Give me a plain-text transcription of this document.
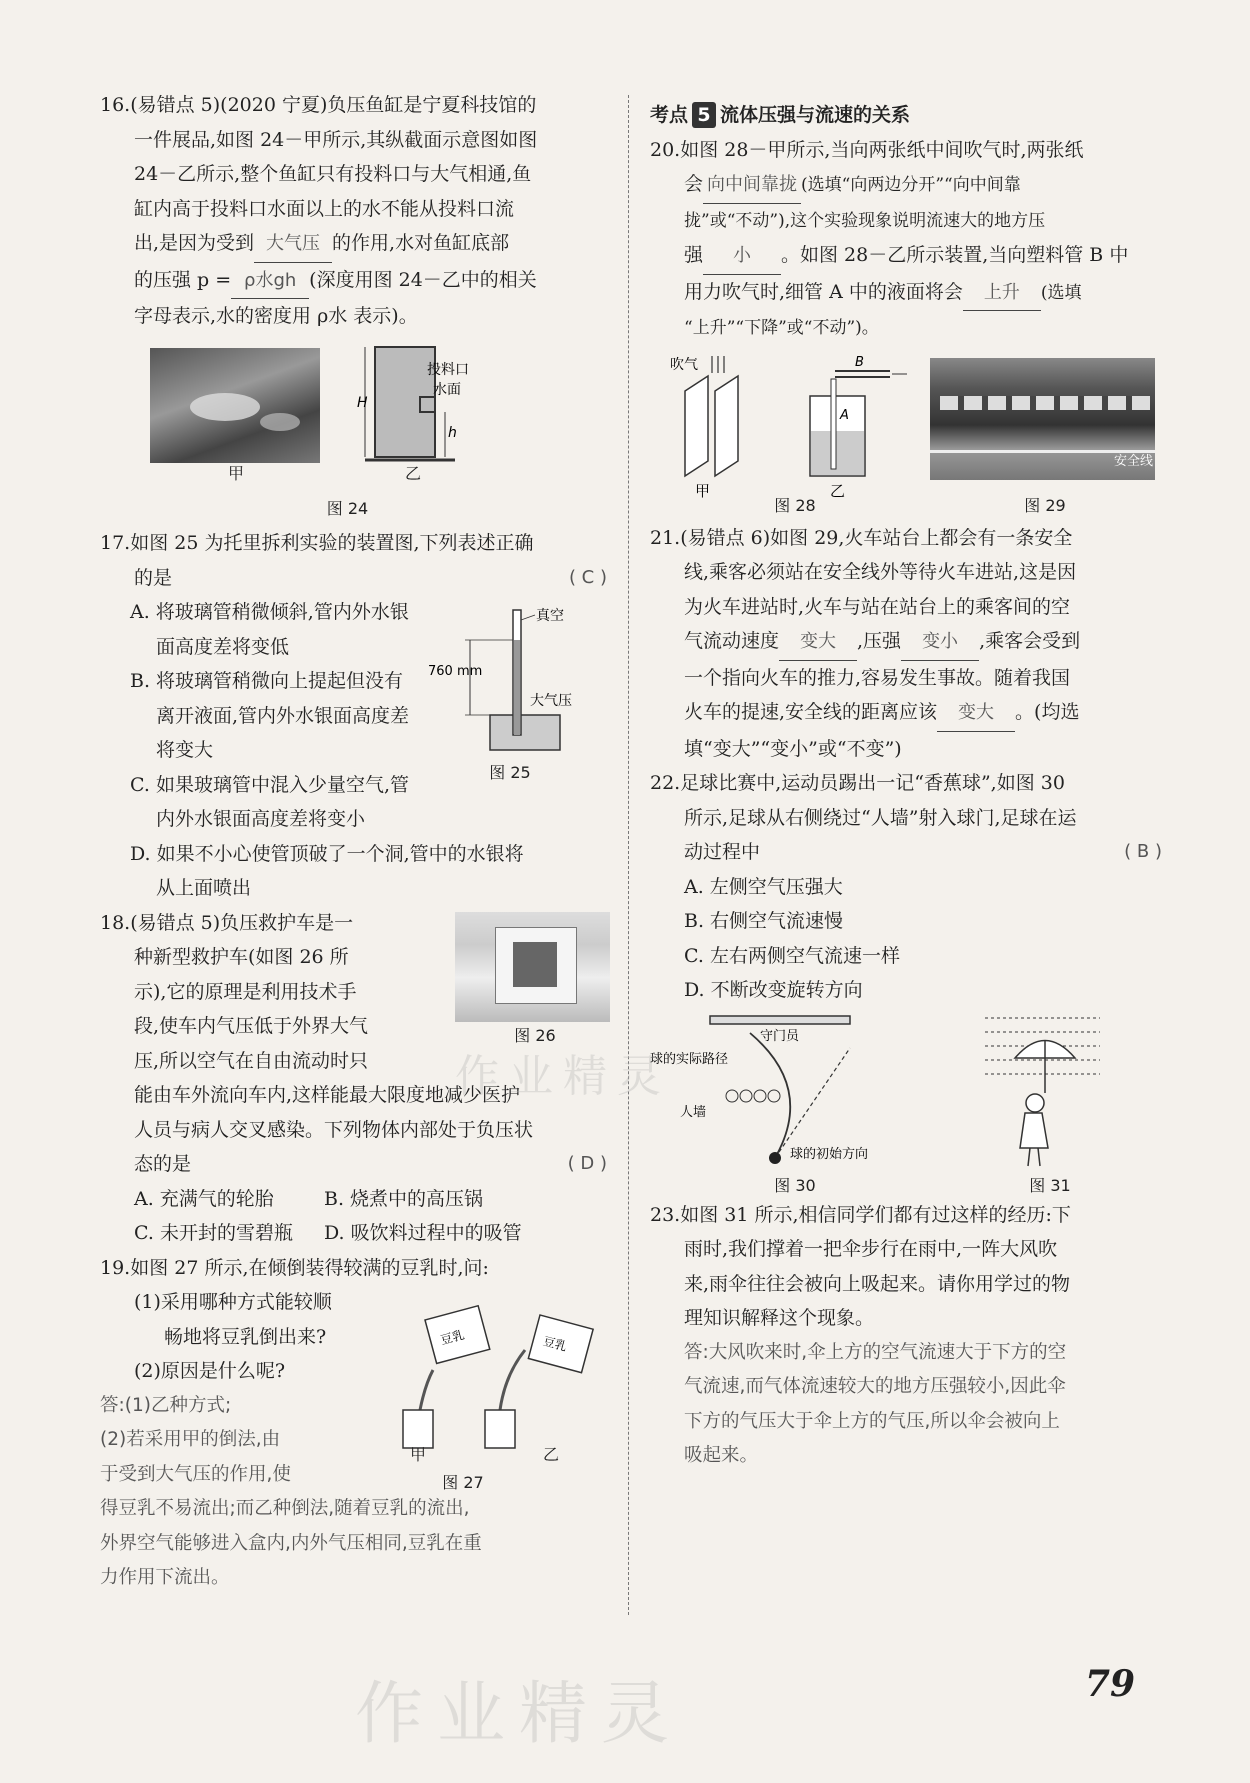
16.(易错点 5)(2020 宁夏)负压鱼缸是宁夏科技馆的
一件展品,如图 24－甲所示,其纵截面示意图如图
24－乙所示,整个鱼缸只有投料口与大气相通,鱼
缸内高于投料口水面以上的水不能从投料口流
出,是因为受到 大气压 的作用,水对鱼缸底部
的压强 p = ρ水gh (深度用图 24－乙中的相关
字母表示,水的密度用 ρ水 表示)。
H
h
投料口
水面
甲	乙
图 24
17.如图 25 为托里拆利实验的装置图,下列表述正确
的是	( C )
A. 将玻璃管稍微倾斜,管内外水银
面高度差将变低
B. 将玻璃管稍微向上提起但没有
离开液面,管内外水银面高度差
将变大
C. 如果玻璃管中混入少量空气,管
真空
760 mm
大气压
图 25
内外水银面高度差将变小
D. 如果不小心使管顶破了一个洞,管中的水银将
从上面喷出
18.(易错点 5)负压救护车是一
种新型救护车(如图 26 所
示),它的原理是利用技术手
段,使车内气压低于外界大气
压,所以空气在自由流动时只
图 26
能由车外流向车内,这样能最大限度地减少医护
人员与病人交叉感染。下列物体内部处于负压状
态的是	( D )
A. 充满气的轮胎	B. 烧煮中的高压锅
C. 未开封的雪碧瓶	D. 吸饮料过程中的吸管
19.如图 27 所示,在倾倒装得较满的豆乳时,问:
(1)采用哪种方式能较顺
畅地将豆乳倒出来?
(2)原因是什么呢?
答:(1)乙种方式;
(2)若采用甲的倒法,由
于受到大气压的作用,使
豆乳	豆乳
甲	乙
图 27
得豆乳不易流出;而乙种倒法,随着豆乳的流出,
外界空气能够进入盒内,内外气压相同,豆乳在重
力作用下流出。
考点 5 流体压强与流速的关系
20.如图 28－甲所示,当向两张纸中间吹气时,两张纸
会 向中间靠拢 (选填“向两边分开”“向中间靠
拢”或“不动”),这个实验现象说明流速大的地方压
强 小 。如图 28－乙所示装置,当向塑料管 B 中
用力吹气时,细管 A 中的液面将会 上升 (选填
“上升”“下降”或“不动”)。
吹气
甲
B
A
乙
安全线
图 28	图 29
21.(易错点 6)如图 29,火车站台上都会有一条安全
线,乘客必须站在安全线外等待火车进站,这是因
为火车进站时,火车与站在站台上的乘客间的空
气流动速度 变大 ,压强 变小 ,乘客会受到
一个指向火车的推力,容易发生事故。随着我国
火车的提速,安全线的距离应该 变大 。(均选
填“变大”“变小”或“不变”)
22.足球比赛中,运动员踢出一记“香蕉球”,如图 30
所示,足球从右侧绕过“人墙”射入球门,足球在运
动过程中	( B )
A. 左侧空气压强大
B. 右侧空气流速慢
C. 左右两侧空气流速一样
D. 不断改变旋转方向
守门员
球的实际路径
人墙
球的初始方向
图 30	图 31
23.如图 31 所示,相信同学们都有过这样的经历:下
雨时,我们撑着一把伞步行在雨中,一阵大风吹
来,雨伞往往会被向上吸起来。请你用学过的物
理知识解释这个现象。
答:大风吹来时,伞上方的空气流速大于下方的空
气流速,而气体流速较大的地方压强较小,因此伞
下方的气压大于伞上方的气压,所以伞会被向上
吸起来。
作业精灵
作业精灵	79
